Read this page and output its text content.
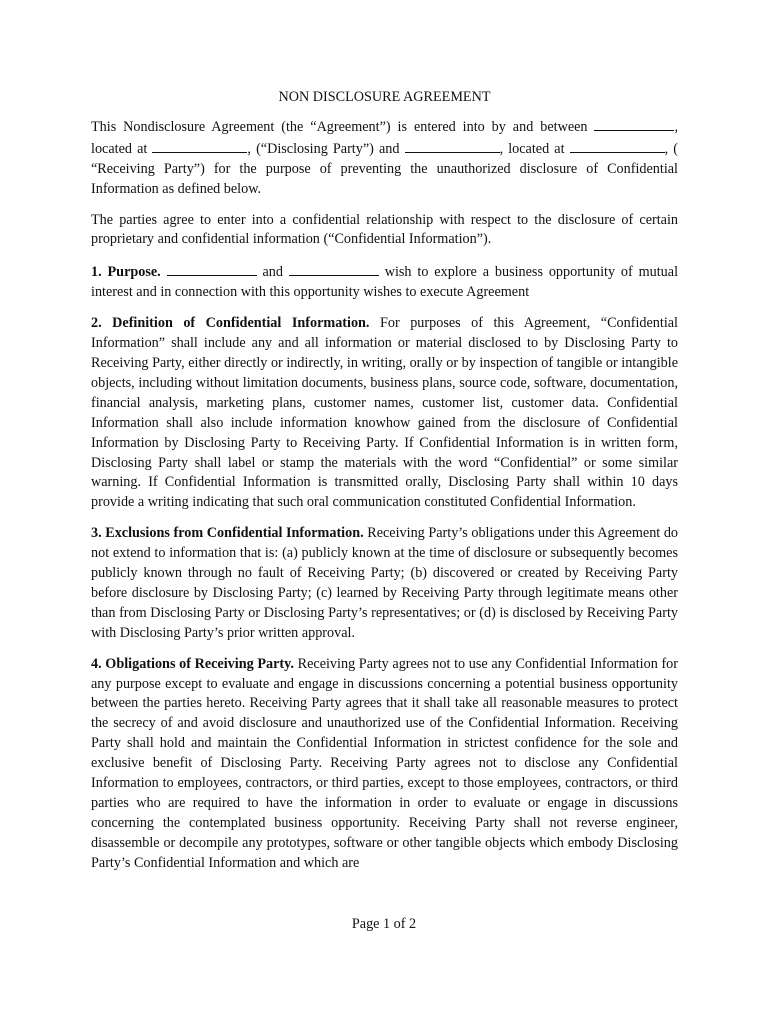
NON DISCLOSURE AGREEMENT

This Nondisclosure Agreement (the “Agreement”) is entered into by and between	, located at	, (“Disclosing Party”) and	, located at	, ( “Receiving Party”) for the purpose of preventing the unauthorized disclosure of Confidential Information as defined below.

The parties agree to enter into a confidential relationship with respect to the disclosure of certain proprietary and confidential information (“Confidential Information”).

1. Purpose.	and	wish to explore a business opportunity of mutual interest and in connection with this opportunity wishes to execute Agreement

2. Definition of Confidential Information. For purposes of this Agreement, “Confidential Information” shall include any and all information or material disclosed to by Disclosing Party to Receiving Party, either directly or indirectly, in writing, orally or by inspection of tangible or intangible objects, including without limitation documents, business plans, source code, software, documentation, financial analysis, marketing plans, customer names, customer list, customer data. Confidential Information shall also include information knowhow gained from the disclosure of Confidential Information by Disclosing Party to Receiving Party. If Confidential Information is in written form, Disclosing Party shall label or stamp the materials with the word “Confidential” or some similar warning. If Confidential Information is transmitted orally, Disclosing Party shall within 10 days provide a writing indicating that such oral communication constituted Confidential Information.

3. Exclusions from Confidential Information. Receiving Party’s obligations under this Agreement do not extend to information that is: (a) publicly known at the time of disclosure or subsequently becomes publicly known through no fault of Receiving Party; (b) discovered or created by Receiving Party before disclosure by Disclosing Party; (c) learned by Receiving Party through legitimate means other than from Disclosing Party or Disclosing Party’s representatives; or (d) is disclosed by Receiving Party with Disclosing Party’s prior written approval.

4. Obligations of Receiving Party. Receiving Party agrees not to use any Confidential Information for any purpose except to evaluate and engage in discussions concerning a potential business opportunity between the parties hereto. Receiving Party agrees that it shall take all reasonable measures to protect the secrecy of and avoid disclosure and unauthorized use of the Confidential Information. Receiving Party shall hold and maintain the Confidential Information in strictest confidence for the sole and exclusive benefit of Disclosing Party. Receiving Party agrees not to disclose any Confidential Information to employees, contractors, or third parties, except to those employees, contractors, or third parties who are required to have the information in order to evaluate or engage in discussions concerning the contemplated business opportunity. Receiving Party shall not reverse engineer, disassemble or decompile any prototypes, software or other tangible objects which embody Disclosing Party’s Confidential Information and which are

Page 1 of 2
